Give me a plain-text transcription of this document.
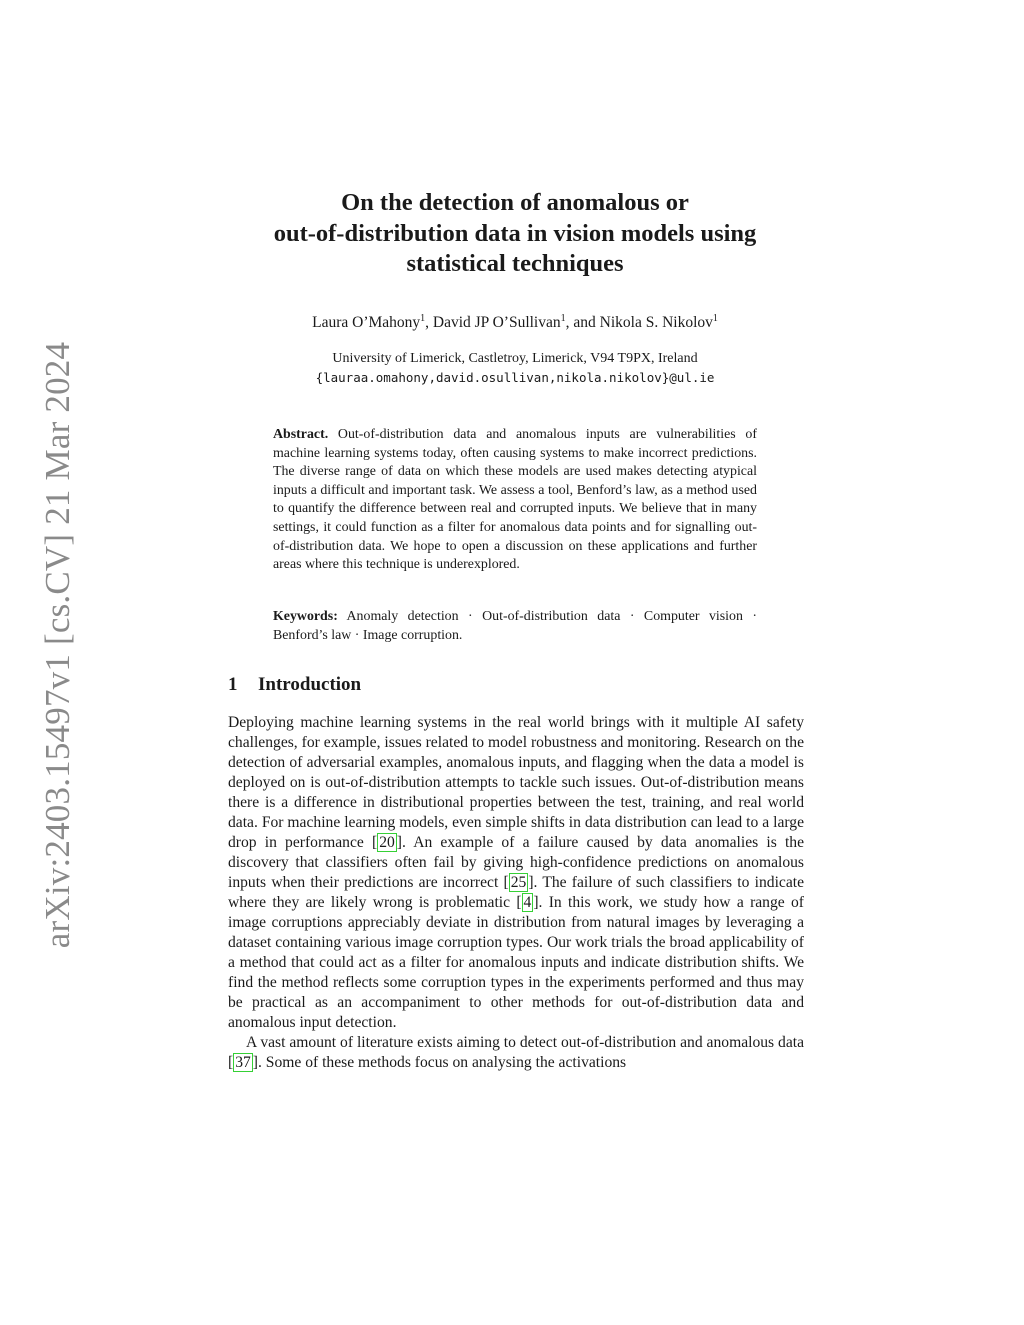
arXiv:2403.15497v1 [cs.CV] 21 Mar 2024
On the detection of anomalous or
out-of-distribution data in vision models using
statistical techniques
Laura O’Mahony$^1$, David JP O’Sullivan$^1$, and Nikola S. Nikolov$^1$
University of Limerick, Castletroy, Limerick, V94 T9PX, Ireland
{lauraa.omahony,david.osullivan,nikola.nikolov}@ul.ie

Abstract. Out-of-distribution data and anomalous inputs are vulnerabilities of machine learning systems today, often causing systems to make incorrect predictions. The diverse range of data on which these models are used makes detecting atypical inputs a difficult and important task. We assess a tool, Benford’s law, as a method used to quantify the difference between real and corrupted inputs. We believe that in many settings, it could function as a filter for anomalous data points and for signalling out-of-distribution data. We hope to open a discussion on these applications and further areas where this technique is underexplored.

Keywords: Anomaly detection · Out-of-distribution data · Computer vision · Benford’s law · Image corruption.

1 Introduction

Deploying machine learning systems in the real world brings with it multiple AI safety challenges, for example, issues related to model robustness and monitoring. Research on the detection of adversarial examples, anomalous inputs, and flagging when the data a model is deployed on is out-of-distribution attempts to tackle such issues. Out-of-distribution means there is a difference in distributional properties between the test, training, and real world data. For machine learning models, even simple shifts in data distribution can lead to a large drop in performance [ 20 ]. An example of a failure caused by data anomalies is the discovery that classifiers often fail by giving high-confidence predictions on anomalous inputs when their predictions are incorrect [ 25 ]. The failure of such classifiers to indicate where they are likely wrong is problematic [ 4 ]. In this work, we study how a range of image corruptions appreciably deviate in distribution from natural images by leveraging a dataset containing various image corruption types. Our work trials the broad applicability of a method that could act as a filter for anomalous inputs and indicate distribution shifts. We find the method reflects some corruption types in the experiments performed and thus may be practical as an accompaniment to other methods for out-of-distribution data and anomalous input detection.

A vast amount of literature exists aiming to detect out-of-distribution and anomalous data [ 37 ]. Some of these methods focus on analysing the activations
